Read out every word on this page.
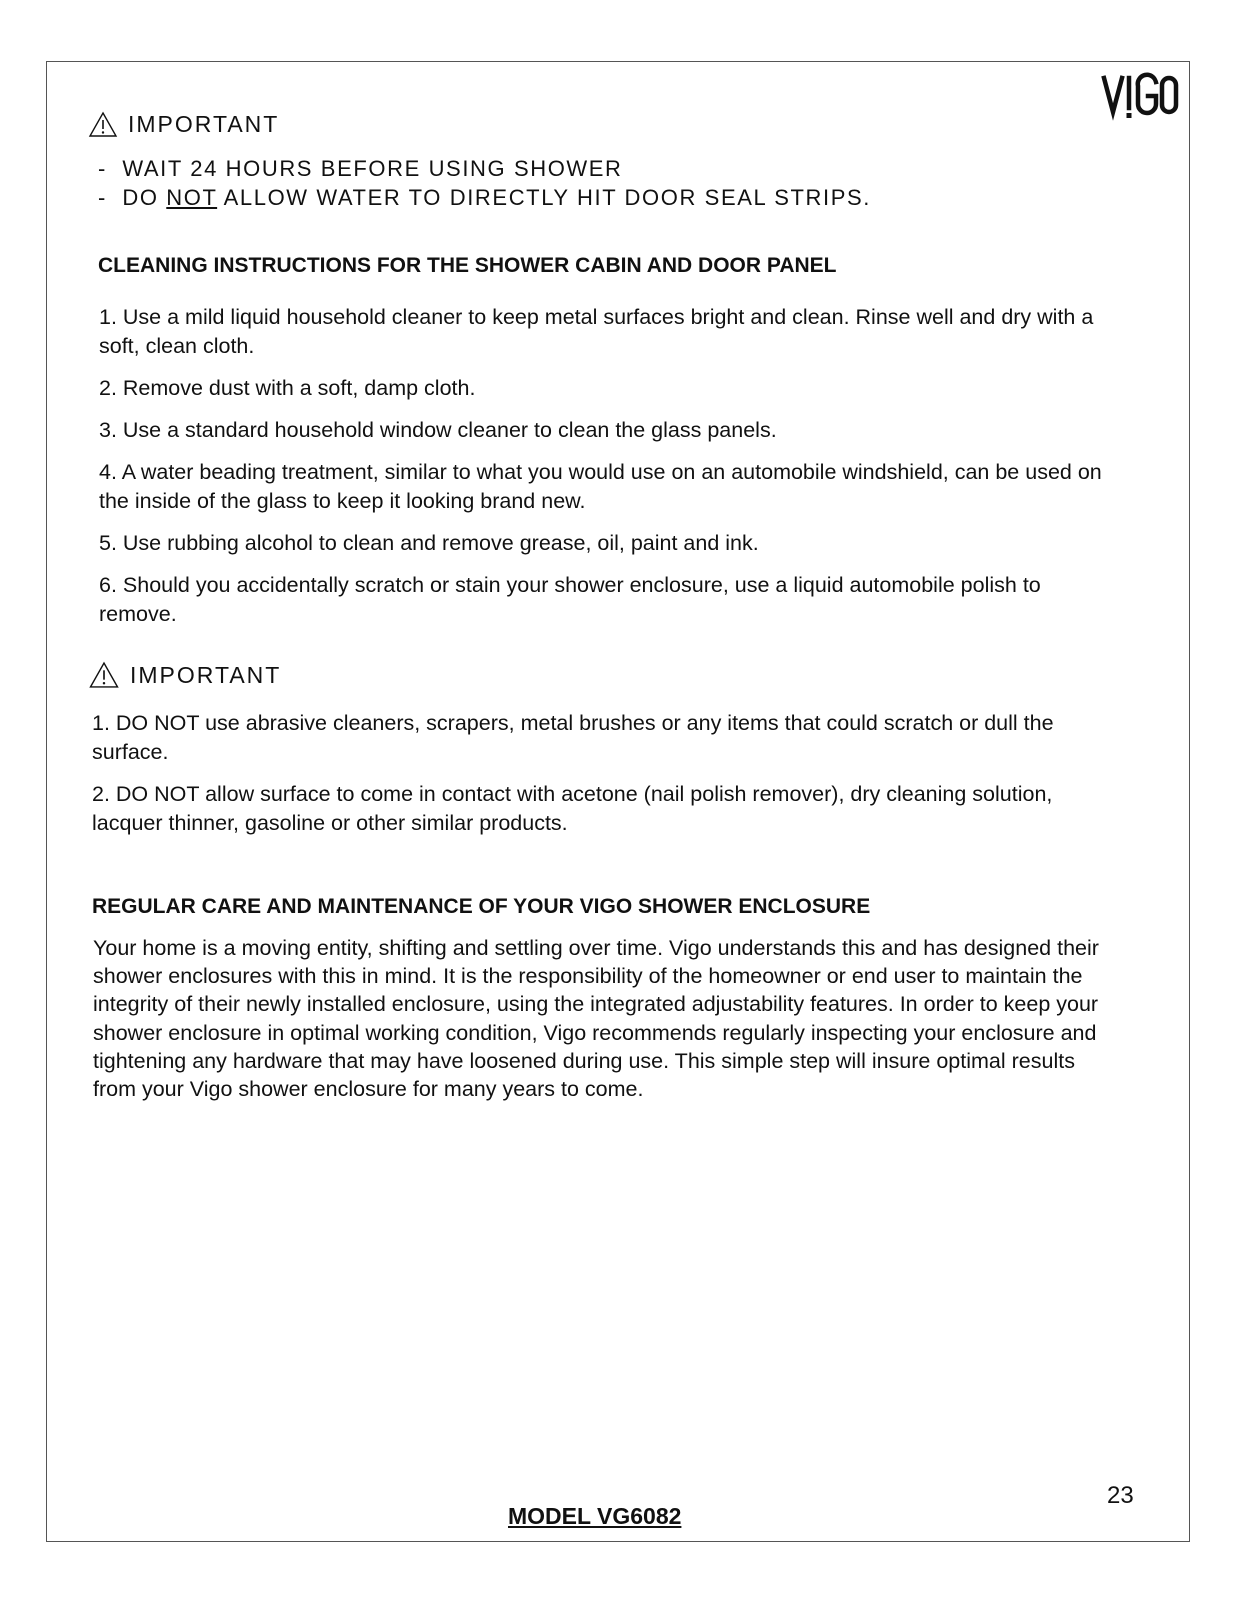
IMPORTANT
-  WAIT 24 HOURS BEFORE USING SHOWER
-  DO NOT ALLOW WATER TO DIRECTLY HIT DOOR SEAL STRIPS.
CLEANING INSTRUCTIONS FOR THE SHOWER CABIN AND DOOR PANEL
1. Use a mild liquid household cleaner to keep metal surfaces bright and clean. Rinse well and dry with a soft, clean cloth.
2. Remove dust with a soft, damp cloth.
3. Use a standard household window cleaner to clean the glass panels.
4. A water beading treatment, similar to what you would use on an automobile windshield, can be used on the inside of the glass to keep it looking brand new.
5. Use rubbing alcohol to clean and remove grease, oil, paint and ink.
6. Should you accidentally scratch or stain your shower enclosure, use a liquid automobile polish to remove.
IMPORTANT
1. DO NOT use abrasive cleaners, scrapers, metal brushes or any items that could scratch or dull the surface.
2. DO NOT allow surface to come in contact with acetone (nail polish remover), dry cleaning solution, lacquer thinner, gasoline or other similar products.
REGULAR CARE AND MAINTENANCE OF YOUR VIGO SHOWER ENCLOSURE
Your home is a moving entity, shifting and settling over time. Vigo understands this and has designed their shower enclosures with this in mind. It is the responsibility of the homeowner or end user to maintain the integrity of their newly installed enclosure, using the integrated adjustability features. In order to keep your shower enclosure in optimal working condition, Vigo recommends regularly inspecting your enclosure and tightening any hardware that may have loosened during use. This simple step will insure optimal results from your Vigo shower enclosure for many years to come.
23
MODEL VG6082
